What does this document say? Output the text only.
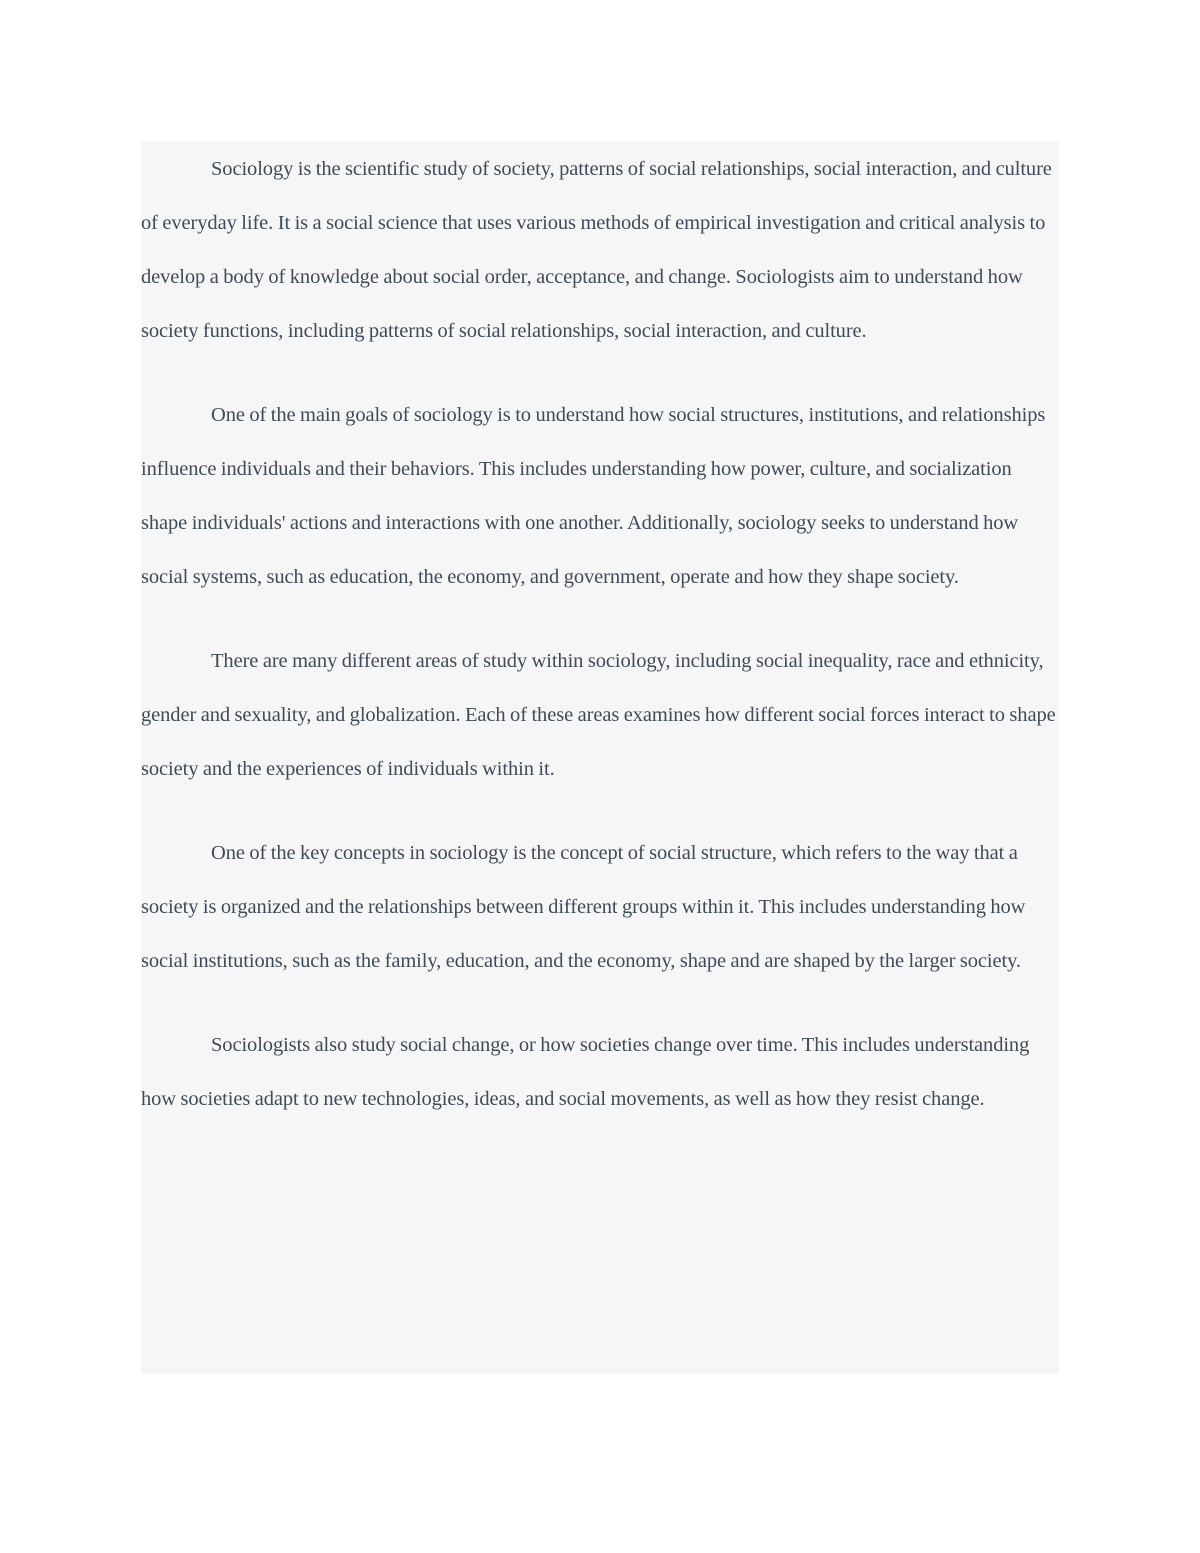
Sociology is the scientific study of society, patterns of social relationships, social interaction, and culture of everyday life. It is a social science that uses various methods of empirical investigation and critical analysis to develop a body of knowledge about social order, acceptance, and change. Sociologists aim to understand how society functions, including patterns of social relationships, social interaction, and culture.

One of the main goals of sociology is to understand how social structures, institutions, and relationships influence individuals and their behaviors. This includes understanding how power, culture, and socialization shape individuals' actions and interactions with one another. Additionally, sociology seeks to understand how social systems, such as education, the economy, and government, operate and how they shape society.

There are many different areas of study within sociology, including social inequality, race and ethnicity, gender and sexuality, and globalization. Each of these areas examines how different social forces interact to shape society and the experiences of individuals within it.

One of the key concepts in sociology is the concept of social structure, which refers to the way that a society is organized and the relationships between different groups within it. This includes understanding how social institutions, such as the family, education, and the economy, shape and are shaped by the larger society.

Sociologists also study social change, or how societies change over time. This includes understanding how societies adapt to new technologies, ideas, and social movements, as well as how they resist change.
